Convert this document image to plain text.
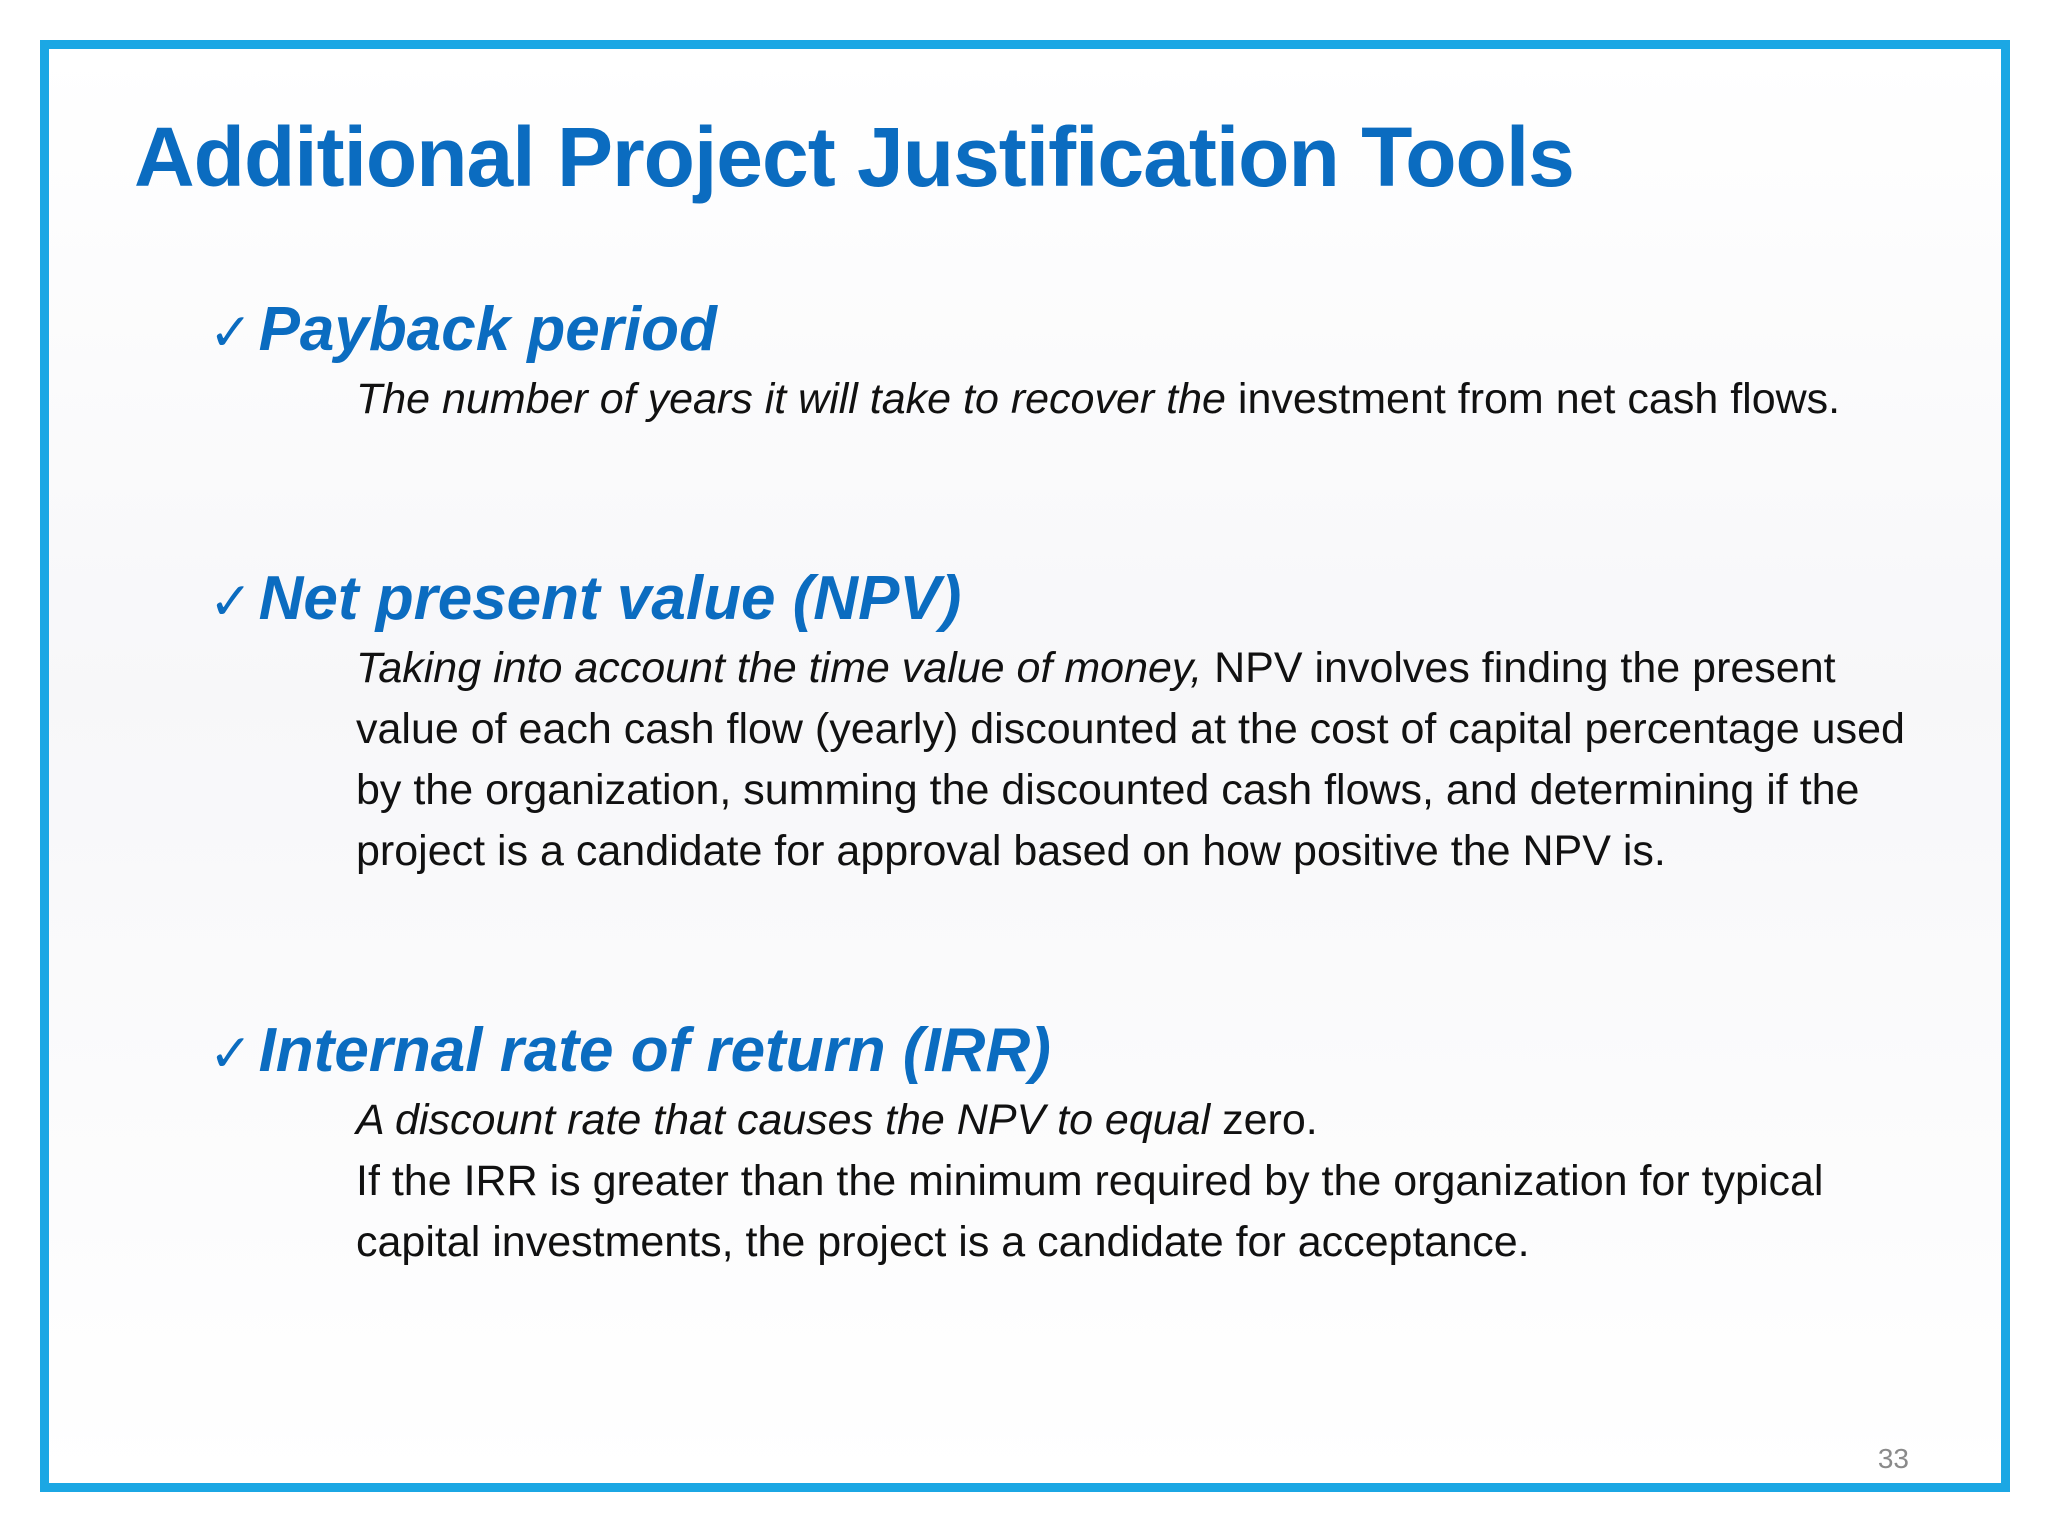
Additional Project Justification Tools
✓ Payback period

The number of years it will take to recover the investment from net cash flows.

✓ Net present value (NPV)

Taking into account the time value of money, NPV involves finding the present value of each cash flow (yearly) discounted at the cost of capital percentage used by the organization, summing the discounted cash flows, and determining if the project is a candidate for approval based on how positive the NPV is.

✓ Internal rate of return (IRR)

A discount rate that causes the NPV to equal zero.

If the IRR is greater than the minimum required by the organization for typical capital investments, the project is a candidate for acceptance.

33
